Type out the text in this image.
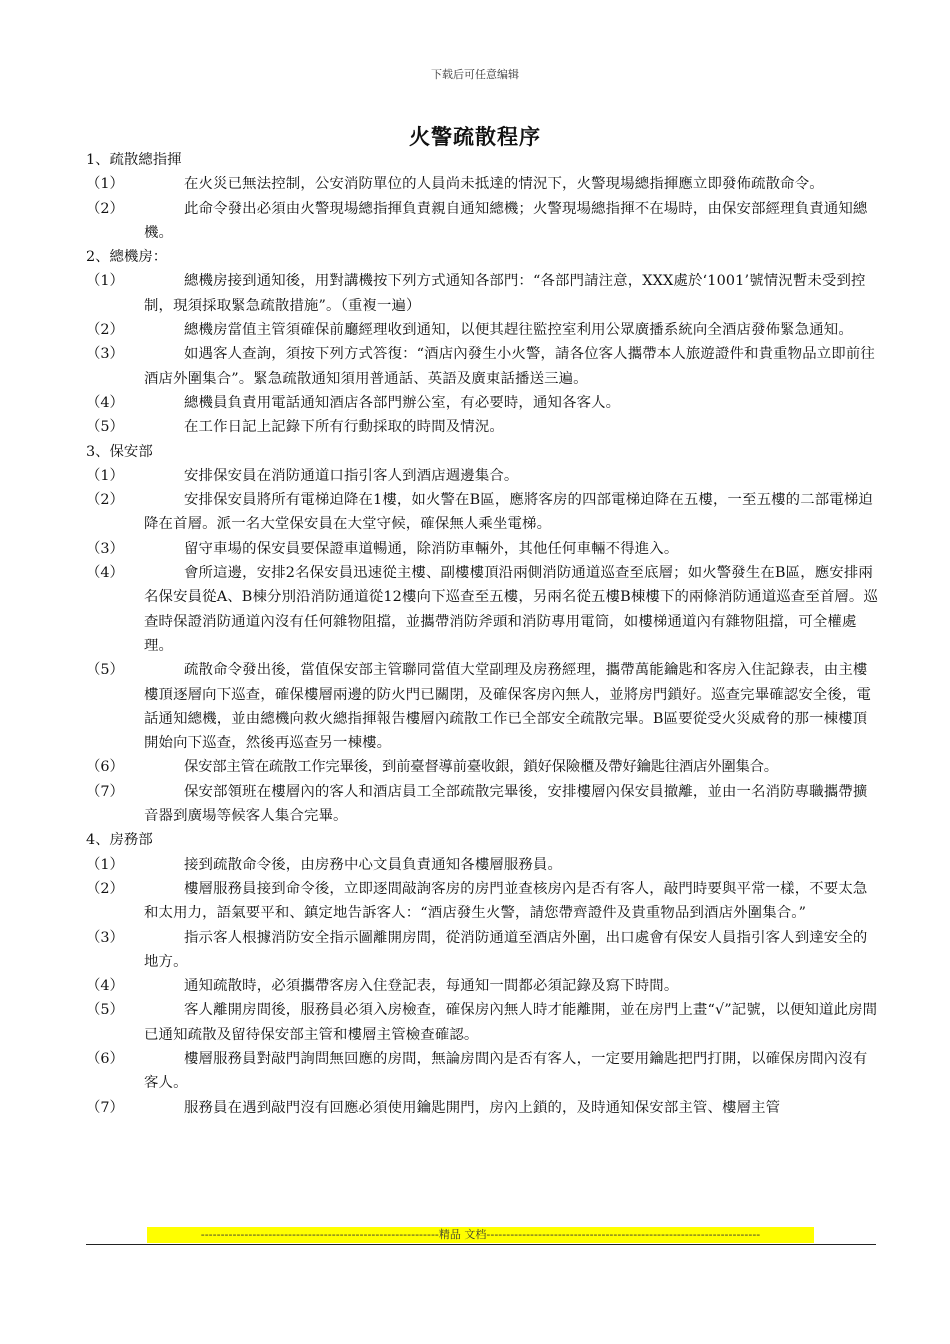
下载后可任意编辑
火警疏散程序
1、疏散總指揮
（1）	在火災已無法控制，公安消防單位的人員尚未抵達的情況下，火警現場總指揮應立即發佈疏散命令。
（2）	此命令發出必須由火警現場總指揮負責親自通知總機；火警現場總指揮不在場時，由保安部經理負責通知總機。
2、總機房：
（1）	總機房接到通知後，用對講機按下列方式通知各部門：“各部門請注意，XXX處於‘1001’號情況暫未受到控制，現須採取緊急疏散措施”。（重複一遍）
（2）	總機房當值主管須確保前廳經理收到通知，以便其趕往監控室利用公眾廣播系統向全酒店發佈緊急通知。
（3）	如遇客人查詢，須按下列方式答復：“酒店內發生小火警，請各位客人攜帶本人旅遊證件和貴重物品立即前往酒店外圍集合”。緊急疏散通知須用普通話、英語及廣東話播送三遍。
（4）	總機員負責用電話通知酒店各部門辦公室，有必要時，通知各客人。
（5）	在工作日記上記錄下所有行動採取的時間及情況。
3、保安部
（1）	安排保安員在消防通道口指引客人到酒店週邊集合。
（2）	安排保安員將所有電梯迫降在1樓，如火警在B區，應將客房的四部電梯迫降在五樓，一至五樓的二部電梯迫降在首層。派一名大堂保安員在大堂守候，確保無人乘坐電梯。
（3）	留守車場的保安員要保證車道暢通，除消防車輛外，其他任何車輛不得進入。
（4）	會所這邊，安排2名保安員迅速從主樓、副樓樓頂沿兩側消防通道巡查至底層；如火警發生在B區，應安排兩名保安員從A、B棟分別沿消防通道從12樓向下巡查至五樓，另兩名從五樓B棟樓下的兩條消防通道巡查至首層。巡查時保證消防通道內沒有任何雜物阻擋，並攜帶消防斧頭和消防專用電筒，如樓梯通道內有雜物阻擋，可全權處理。
（5）	疏散命令發出後，當值保安部主管聯同當值大堂副理及房務經理，攜帶萬能鑰匙和客房入住記錄表，由主樓樓頂逐層向下巡查，確保樓層兩邊的防火門已關閉，及確保客房內無人，並將房門鎖好。巡查完畢確認安全後，電話通知總機，並由總機向救火總指揮報告樓層內疏散工作已全部安全疏散完畢。B區要從受火災威脅的那一棟樓頂開始向下巡查，然後再巡查另一棟樓。
（6）	保安部主管在疏散工作完畢後，到前臺督導前臺收銀，鎖好保險櫃及帶好鑰匙往酒店外圍集合。
（7）	保安部領班在樓層內的客人和酒店員工全部疏散完畢後，安排樓層內保安員撤離，並由一名消防專職攜帶擴音器到廣場等候客人集合完畢。
4、房務部
（1）	接到疏散命令後，由房務中心文員負責通知各樓層服務員。
（2）	樓層服務員接到命令後，立即逐間敲詢客房的房門並查核房內是否有客人，敲門時要與平常一樣，不要太急和太用力，語氣要平和、鎮定地告訴客人：“酒店發生火警，請您帶齊證件及貴重物品到酒店外圍集合。”
（3）	指示客人根據消防安全指示圖離開房間，從消防通道至酒店外圍，出口處會有保安人員指引客人到達安全的地方。
（4）	通知疏散時，必須攜帶客房入住登記表，每通知一間都必須記錄及寫下時間。
（5）	客人離開房間後，服務員必須入房檢查，確保房內無人時才能離開，並在房門上畫“√”記號，以便知道此房間已通知疏散及留待保安部主管和樓層主管檢查確認。
（6）	樓層服務員對敲門詢問無回應的房間，無論房間內是否有客人，一定要用鑰匙把門打開，以確保房間內沒有客人。
（7）	服務員在遇到敲門沒有回應必須使用鑰匙開門，房內上鎖的，及時通知保安部主管、樓層主管
------------------------------------------------------------精品 文档---------------------------------------------------------------------
